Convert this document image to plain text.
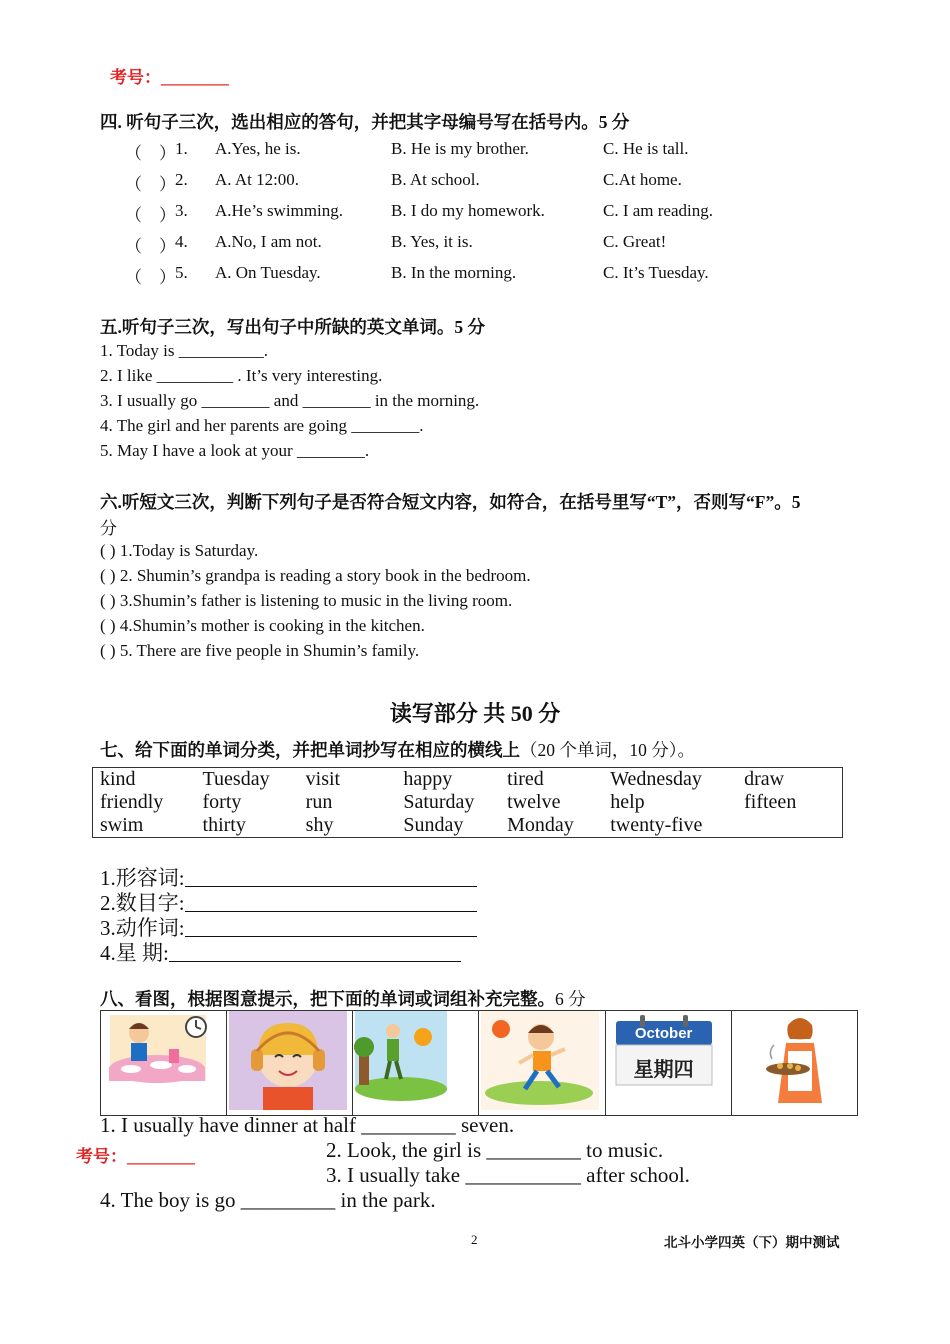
考号：________
四. 听句子三次，选出相应的答句，并把其字母编号写在括号内。5 分
（　） 1. A.Yes, he is.	B. He is my brother.	C. He is tall.
（　） 2. A. At 12:00.	B. At school.	C.At home.
（　） 3. A.He’s swimming.	B. I do my homework.	C. I am reading.
（　） 4. A.No, I am not.	B. Yes, it is.	C. Great!
（　） 5. A. On Tuesday.	B. In the morning.	C. It’s Tuesday.
五.听句子三次，写出句子中所缺的英文单词。5 分
1. Today is __________.
2. I like _________ . It’s very interesting.
3. I usually go ________ and ________ in the morning.
4. The girl and her parents are going ________.
5. May I have a look at your ________.
六.听短文三次，判断下列句子是否符合短文内容，如符合，在括号里写“T”，否则写“F”。5
分
( ) 1.Today is Saturday.
( ) 2. Shumin’s grandpa is reading a story book in the bedroom.
( ) 3.Shumin’s father is listening to music in the living room.
( ) 4.Shumin’s mother is cooking in the kitchen.
( ) 5. There are five people in Shumin’s family.
读写部分 共 50 分
七、给下面的单词分类，并把单词抄写在相应的横线上（20 个单词，10 分）。
kind	Tuesday	visit	happy	tired	Wednesday	draw
friendly	forty	run	Saturday	twelve	help	fifteen
swim	thirty	shy	Sunday	Monday	twenty-five	
1.形容词:
2.数目字:
3.动作词:
4.星 期:
八、看图，根据图意提示，把下面的单词或词组补充完整。6 分

October
星期四

1. I usually have dinner at half _________ seven.
考号：________	2. Look, the girl is _________ to music.
3. I usually take ___________ after school.
4. The boy is go _________ in the park.
2	北斗小学四英（下）期中测试
